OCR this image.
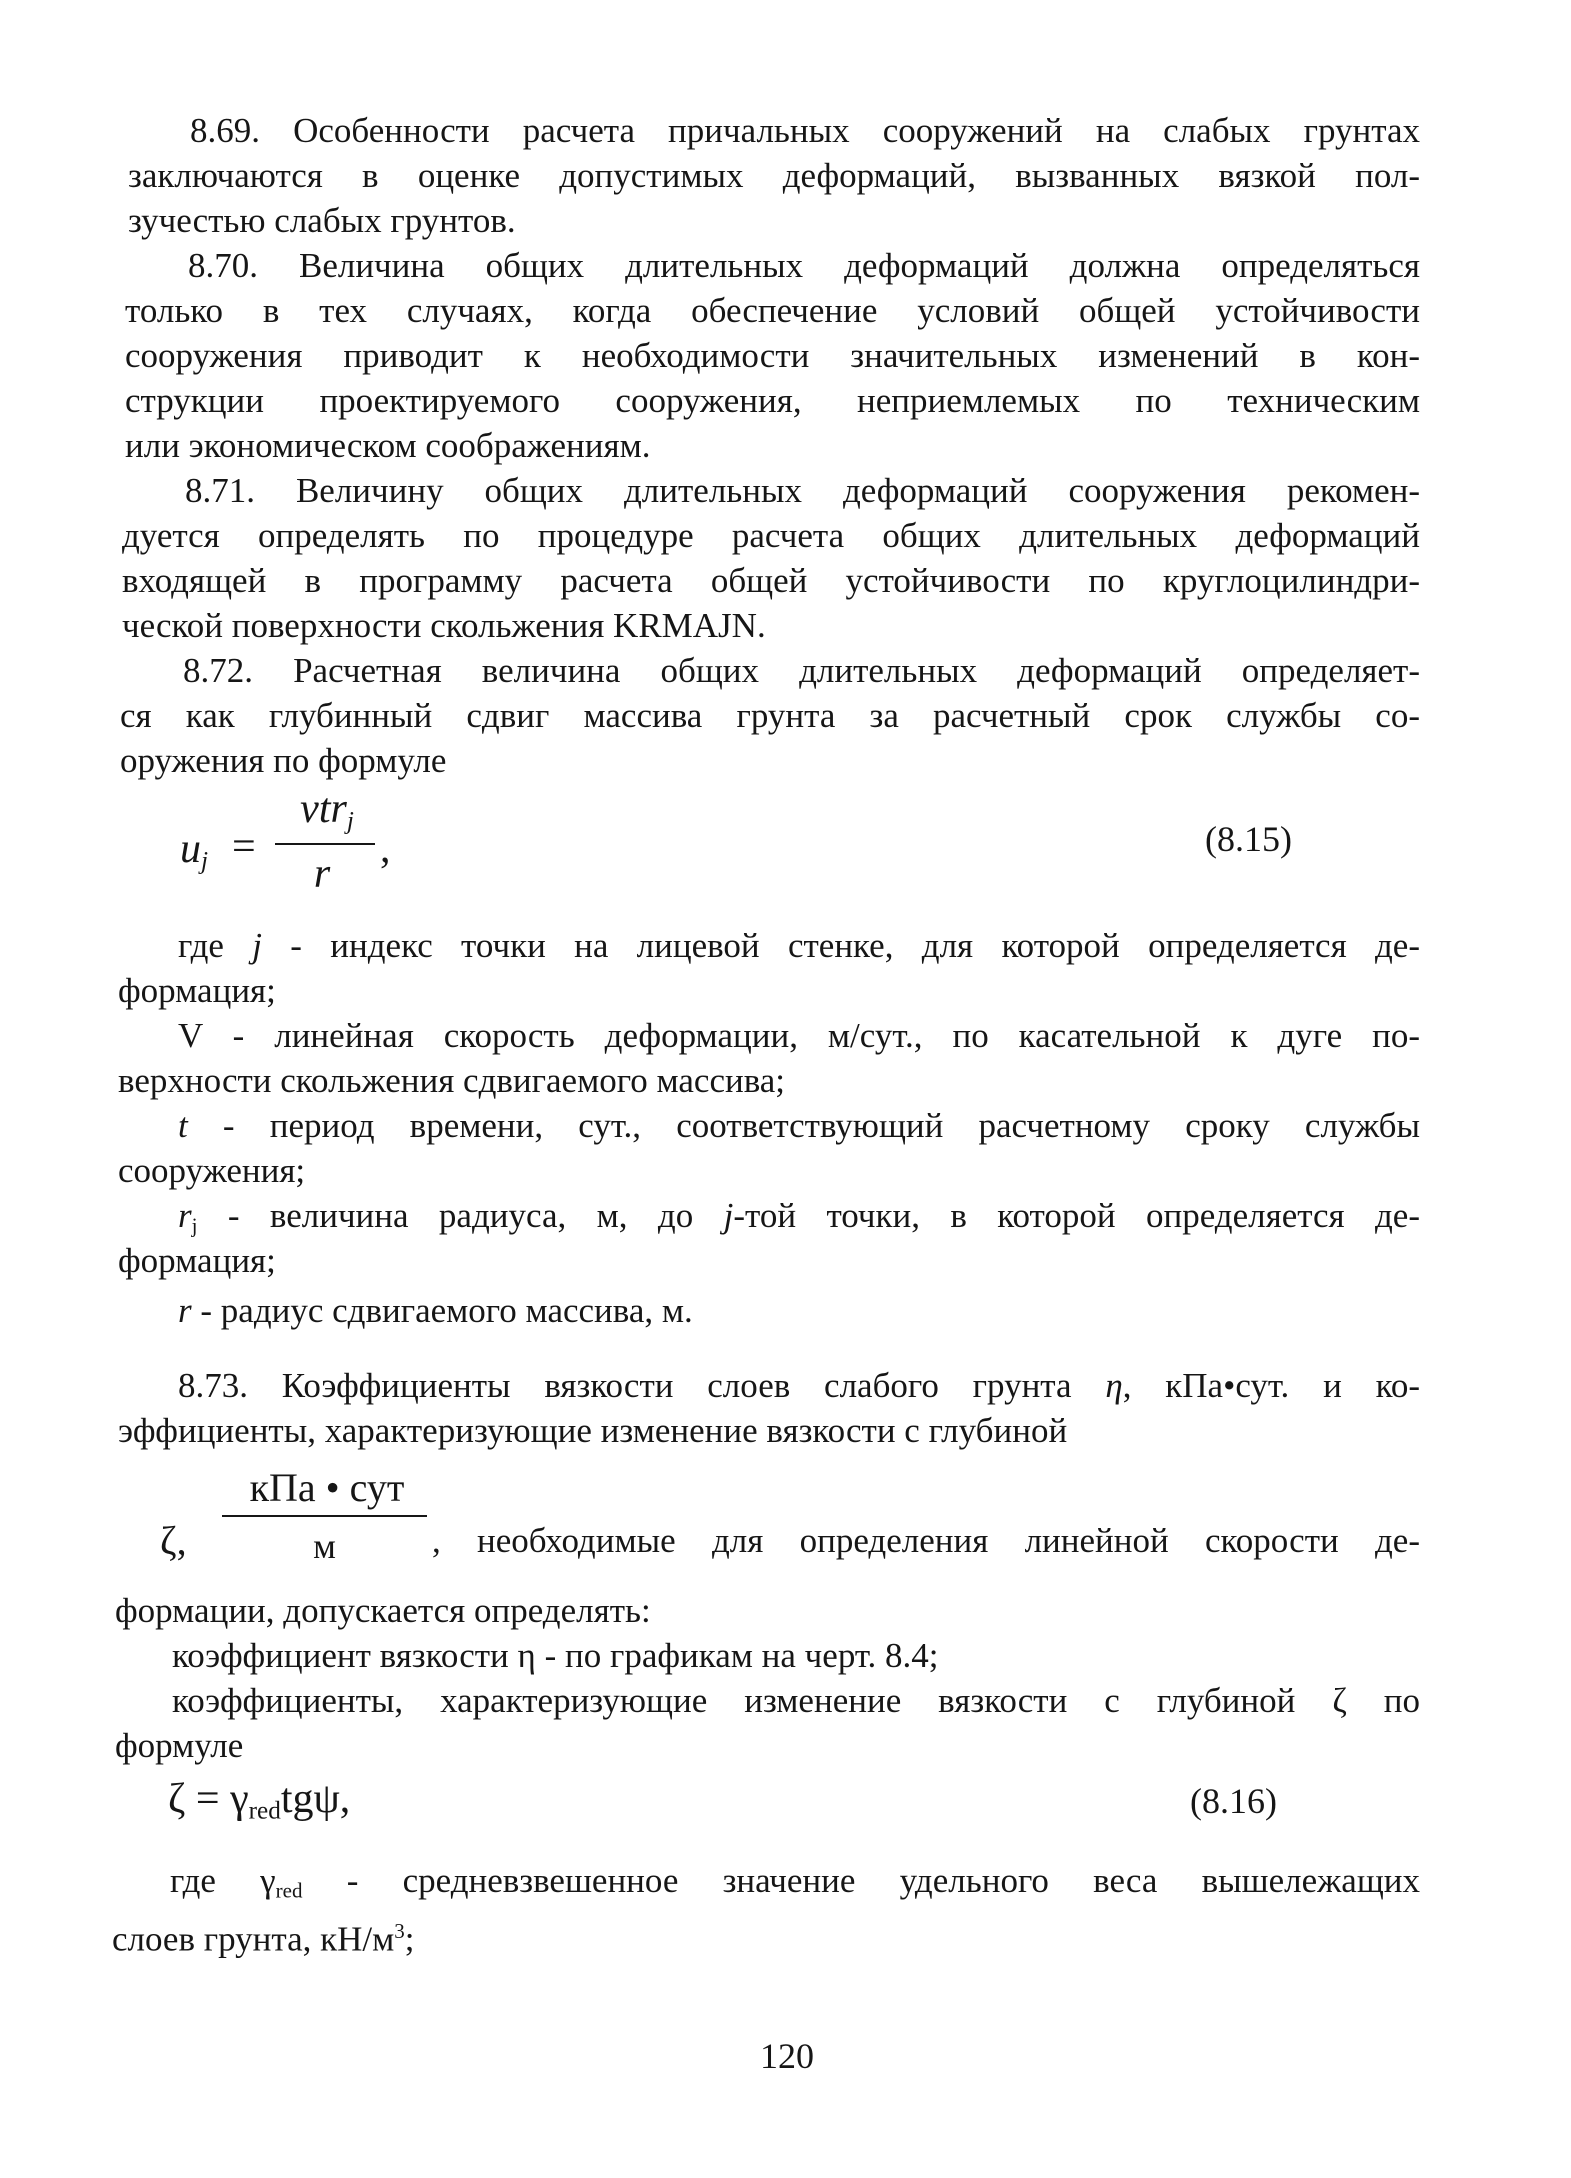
8.69. Особенности расчета причальных сооружений на слабых грунтах
заключаются в оценке допустимых деформаций, вызванных вязкой пол-
зучестью слабых грунтов.
8.70. Величина общих длительных деформаций должна определяться
только в тех случаях, когда обеспечение условий общей устойчивости
сооружения приводит к необходимости значительных изменений в кон-
струкции проектируемого сооружения, неприемлемых по техническим
или экономическом соображениям.
8.71. Величину общих длительных деформаций сооружения рекомен-
дуется определять по процедуре расчета общих длительных деформаций
входящей в программу расчета общей устойчивости по круглоцилиндри-
ческой поверхности скольжения KRMAJN.
8.72. Расчетная величина общих длительных деформаций определяет-
ся как глубинный сдвиг массива грунта за расчетный срок службы со-
оружения по формуле
$u_j$ =
vtr$_j$
r
,	(8.15)
где j - индекс точки на лицевой стенке, для которой определяется де-
формация;
V - линейная скорость деформации, м/сут., по касательной к дуге по-
верхности скольжения сдвигаемого массива;
t - период времени, сут., соответствующий расчетному сроку службы
сооружения;
$r_j$ - величина радиуса, м, до j-той точки, в которой определяется де-
формация;
r - радиус сдвигаемого массива, м.
8.73. Коэффициенты вязкости слоев слабого грунта η, кПа•сут. и ко-
эффициенты, характеризующие изменение вязкости с глубиной
ζ,
кПа • сут
м	, необходимые для определения линейной скорости де-
формации, допускается определять:
коэффициент вязкости η - по графикам на черт. 8.4;
коэффициенты, характеризующие изменение вязкости с глубиной ζ по
формуле
$\zeta = \gamma_{red}tg\psi$,	(8.16)
где $\gamma_{red}$ - средневзвешенное значение удельного веса вышележащих
слоев грунта, $кН/м^3$;
120
